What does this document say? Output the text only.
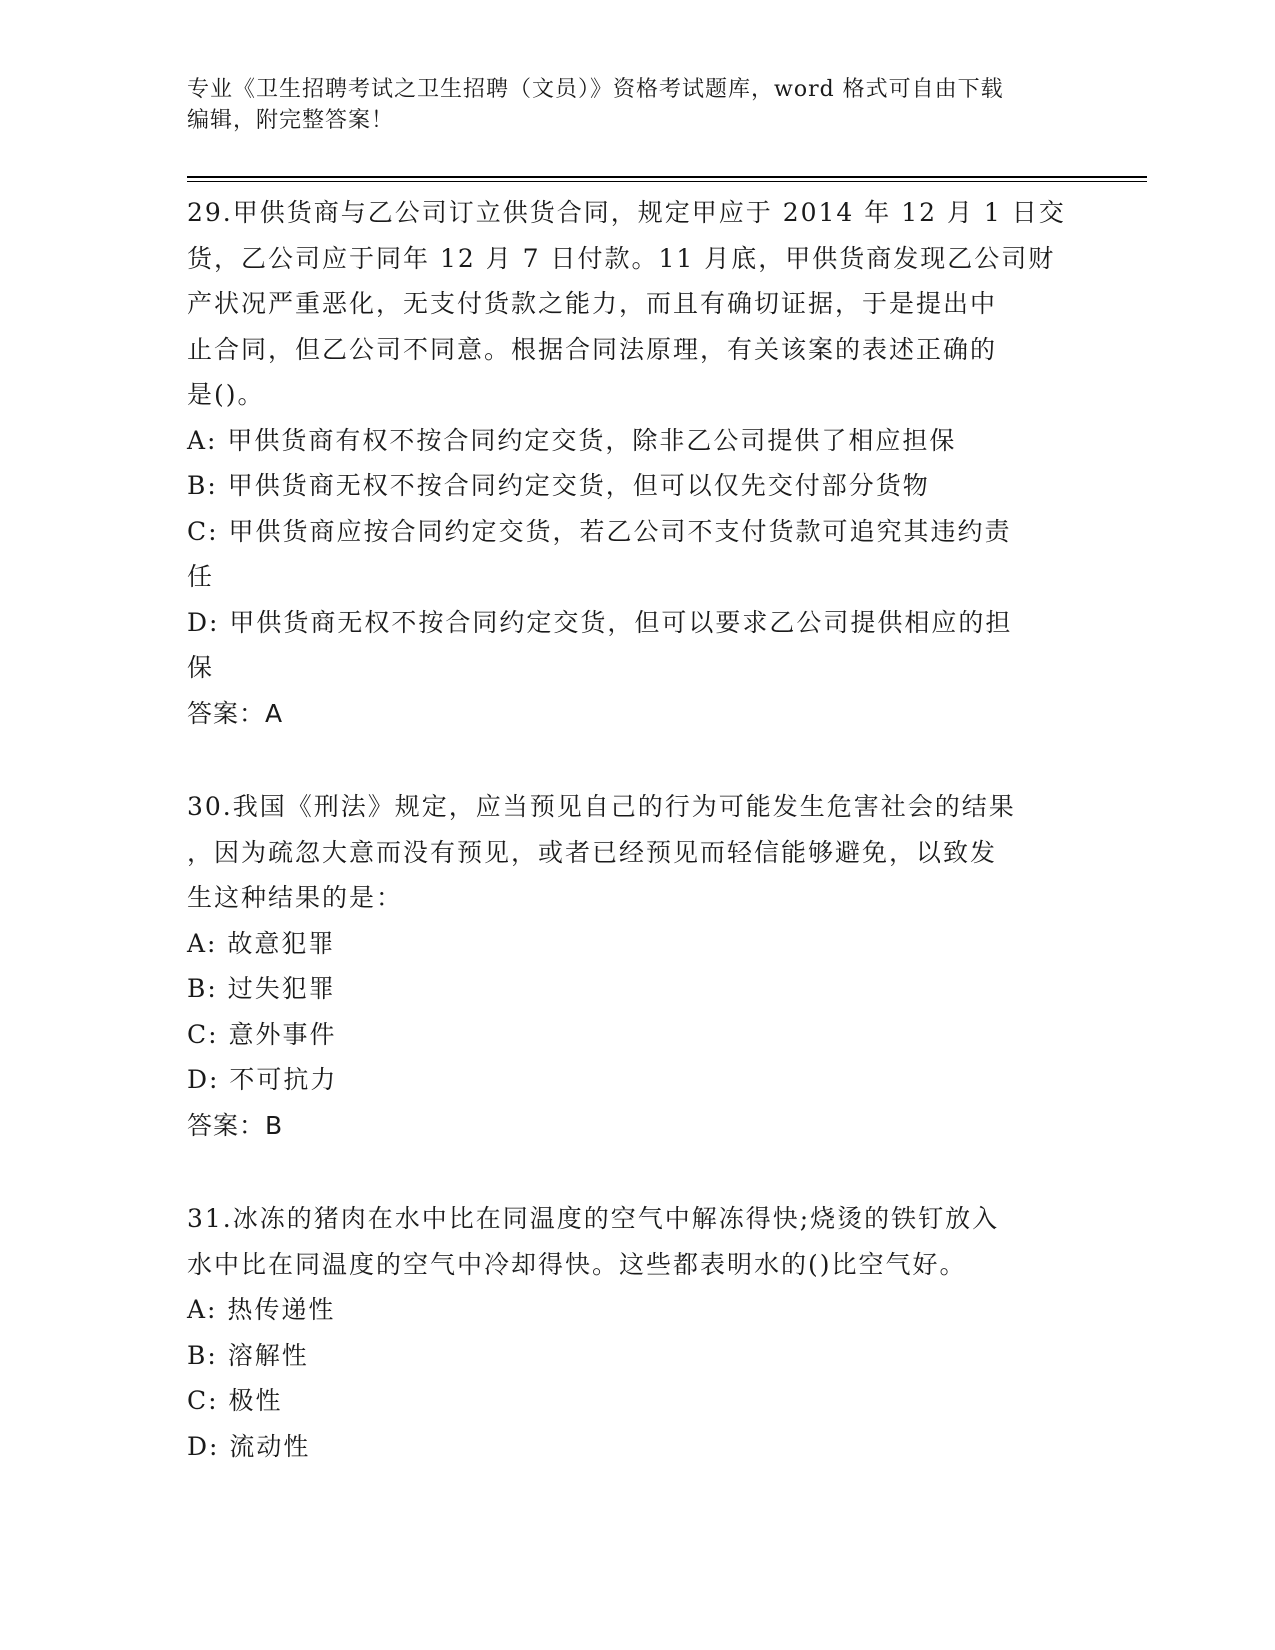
专业《卫生招聘考试之卫生招聘（文员）》资格考试题库，word 格式可自由下载
编辑，附完整答案！
29.甲供货商与乙公司订立供货合同，规定甲应于 2014 年 12 月 1 日交
货，乙公司应于同年 12 月 7 日付款。11 月底，甲供货商发现乙公司财
产状况严重恶化，无支付货款之能力，而且有确切证据，于是提出中
止合同，但乙公司不同意。根据合同法原理，有关该案的表述正确的
是()。
A: 甲供货商有权不按合同约定交货，除非乙公司提供了相应担保
B: 甲供货商无权不按合同约定交货，但可以仅先交付部分货物
C: 甲供货商应按合同约定交货，若乙公司不支付货款可追究其违约责
任
D: 甲供货商无权不按合同约定交货，但可以要求乙公司提供相应的担
保
答案：A
30.我国《刑法》规定，应当预见自己的行为可能发生危害社会的结果
，因为疏忽大意而没有预见，或者已经预见而轻信能够避免，以致发
生这种结果的是：
A: 故意犯罪
B: 过失犯罪
C: 意外事件
D: 不可抗力
答案：B
31.冰冻的猪肉在水中比在同温度的空气中解冻得快;烧烫的铁钉放入
水中比在同温度的空气中冷却得快。这些都表明水的()比空气好。
A: 热传递性
B: 溶解性
C: 极性
D: 流动性
